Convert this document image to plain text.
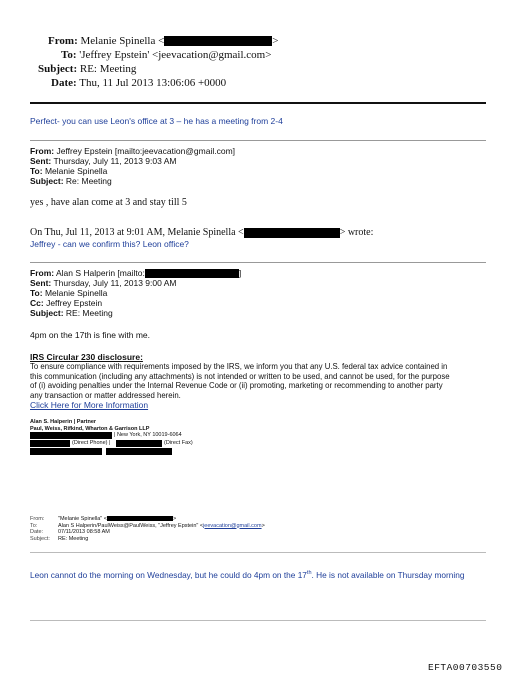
From: Melanie Spinella <	>
To: 'Jeffrey Epstein' <jeevacation@gmail.com>
Subject: RE: Meeting
Date: Thu, 11 Jul 2013 13:06:06 +0000
Perfect- you can use Leon's office at 3 – he has a meeting from 2-4
From: Jeffrey Epstein [mailto:jeevacation@gmail.com]
Sent: Thursday, July 11, 2013 9:03 AM
To: Melanie Spinella
Subject: Re: Meeting
yes , have alan come at 3 and stay till 5
On Thu, Jul 11, 2013 at 9:01 AM, Melanie Spinella <	> wrote:
Jeffrey - can we confirm this? Leon office?
From: Alan S Halperin [mailto:	]
Sent: Thursday, July 11, 2013 9:00 AM
To: Melanie Spinella
Cc: Jeffrey Epstein
Subject: RE: Meeting
4pm on the 17th is fine with me.
IRS Circular 230 disclosure:
To ensure compliance with requirements imposed by the IRS, we inform you that any U.S. federal tax advice contained in
this communication (including any attachments) is not intended or written to be used, and cannot be used, for the purpose
of (i) avoiding penalties under the Internal Revenue Code or (ii) promoting, marketing or recommending to another party
any transaction or matter addressed herein.
Click Here for More Information
Alan S. Halperin | Partner
Paul, Weiss, Rifkind, Wharton & Garrison LLP
| New York, NY 10019-6064
(Direct Phone) |	(Direct Fax)
From: "Melanie Spinella" <	>
To:	Alan S Halperin/PaulWeiss@PaulWeiss, "Jeffrey Epstein" <jeevacation@gmail.com>
Date:	07/11/2013 08:58 AM
Subject: RE: Meeting
Leon cannot do the morning on Wednesday, but he could do 4pm on the 17th. He is not available on Thursday morning
EFTA00703550
